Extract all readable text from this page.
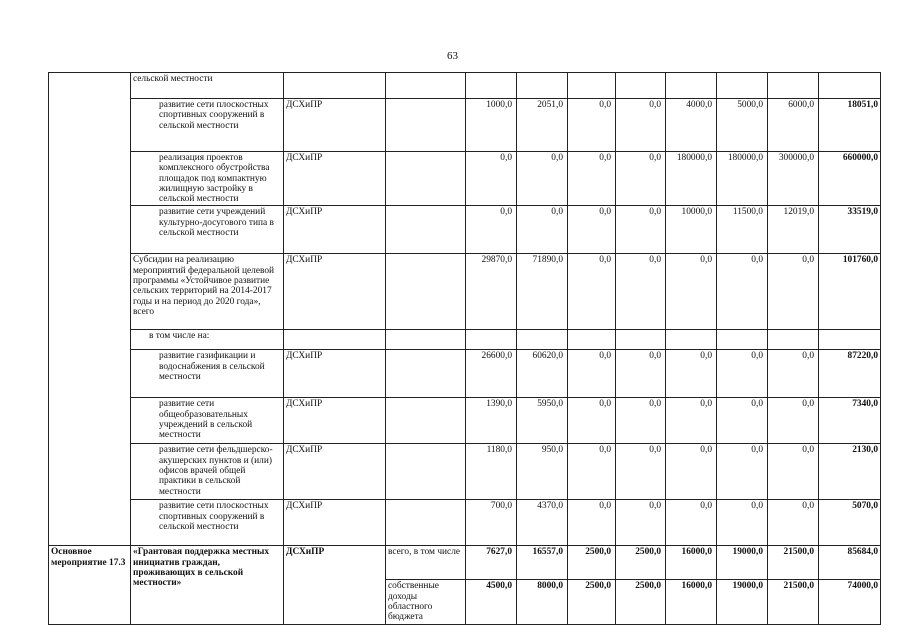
63
	сельской местности										
	развитие сети плоскостных спортивных сооружений в сельской местности	ДСХиПР		1000,0	2051,0	0,0	0,0	4000,0	5000,0	6000,0	18051,0
	реализация проектов комплексного обустройства площадок под компактную жилищную застройку в сельской местности	ДСХиПР		0,0	0,0	0,0	0,0	180000,0	180000,0	300000,0	660000,0
	развитие сети учреждений культурно-досугового типа в сельской местности	ДСХиПР		0,0	0,0	0,0	0,0	10000,0	11500,0	12019,0	33519,0
	Субсидии на реализацию мероприятий федеральной целевой программы «Устойчивое развитие сельских территорий на 2014-2017 годы и на период до 2020 года», всего	ДСХиПР		29870,0	71890,0	0,0	0,0	0,0	0,0	0,0	101760,0
	в том числе на:										
	развитие газификации и водоснабжения в сельской местности	ДСХиПР		26600,0	60620,0	0,0	0,0	0,0	0,0	0,0	87220,0
	развитие сети общеобразовательных учреждений в сельской местности	ДСХиПР		1390,0	5950,0	0,0	0,0	0,0	0,0	0,0	7340,0
	развитие сети фельдшерско-акушерских пунктов и (или) офисов врачей общей практики в сельской местности	ДСХиПР		1180,0	950,0	0,0	0,0	0,0	0,0	0,0	2130,0
	развитие сети плоскостных спортивных сооружений в сельской местности	ДСХиПР		700,0	4370,0	0,0	0,0	0,0	0,0	0,0	5070,0
Основное мероприятие 17.3	«Грантовая поддержка местных инициатив граждан, проживающих в сельской местности»	ДСХиПР	всего, в том числе	7627,0	16557,0	2500,0	2500,0	16000,0	19000,0	21500,0	85684,0
			собственные доходы областного бюджета	4500,0	8000,0	2500,0	2500,0	16000,0	19000,0	21500,0	74000,0
